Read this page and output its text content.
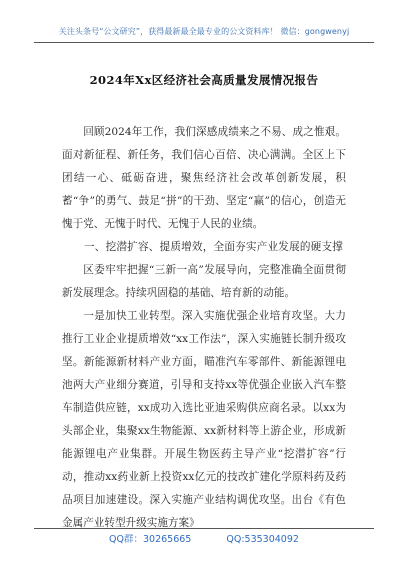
关注头条号“公文研究”，获得最新最全最专业的公文资料库！ 微信：gongwenyj
2024年Xx区经济社会高质量发展情况报告

回顾2024年工作，我们深感成绩来之不易、成之惟艰。面对新征程、新任务，我们信心百倍、决心满满。全区上下团结一心、砥砺奋进，聚焦经济社会改革创新发展，积蓄“争”的勇气、鼓足“拼”的干劲、坚定“赢”的信心，创造无愧于党、无愧于时代、无愧于人民的业绩。

一、挖潜扩容、提质增效，全面夯实产业发展的硬支撑

区委牢牢把握“三新一高”发展导向，完整准确全面贯彻新发展理念。持续巩固稳的基础、培育新的动能。

一是加快工业转型。深入实施优强企业培育攻坚。大力推行工业企业提质增效“xx工作法”，深入实施链长制升级攻坚。新能源新材料产业方面，瞄准汽车零部件、新能源锂电池两大产业细分赛道，引导和支持xx等优强企业嵌入汽车整车制造供应链，xx成功入选比亚迪采购供应商名录。以xx为头部企业，集聚xx生物能源、xx新材料等上游企业，形成新能源锂电产业集群。开展生物医药主导产业“挖潜扩容”行动，推动xx药业新上投资xx亿元的技改扩建化学原料药及药品项目加速建设。深入实施产业结构调优攻坚。出台《有色金属产业转型升级实施方案》

QQ群：30265665	QQ:535304092
